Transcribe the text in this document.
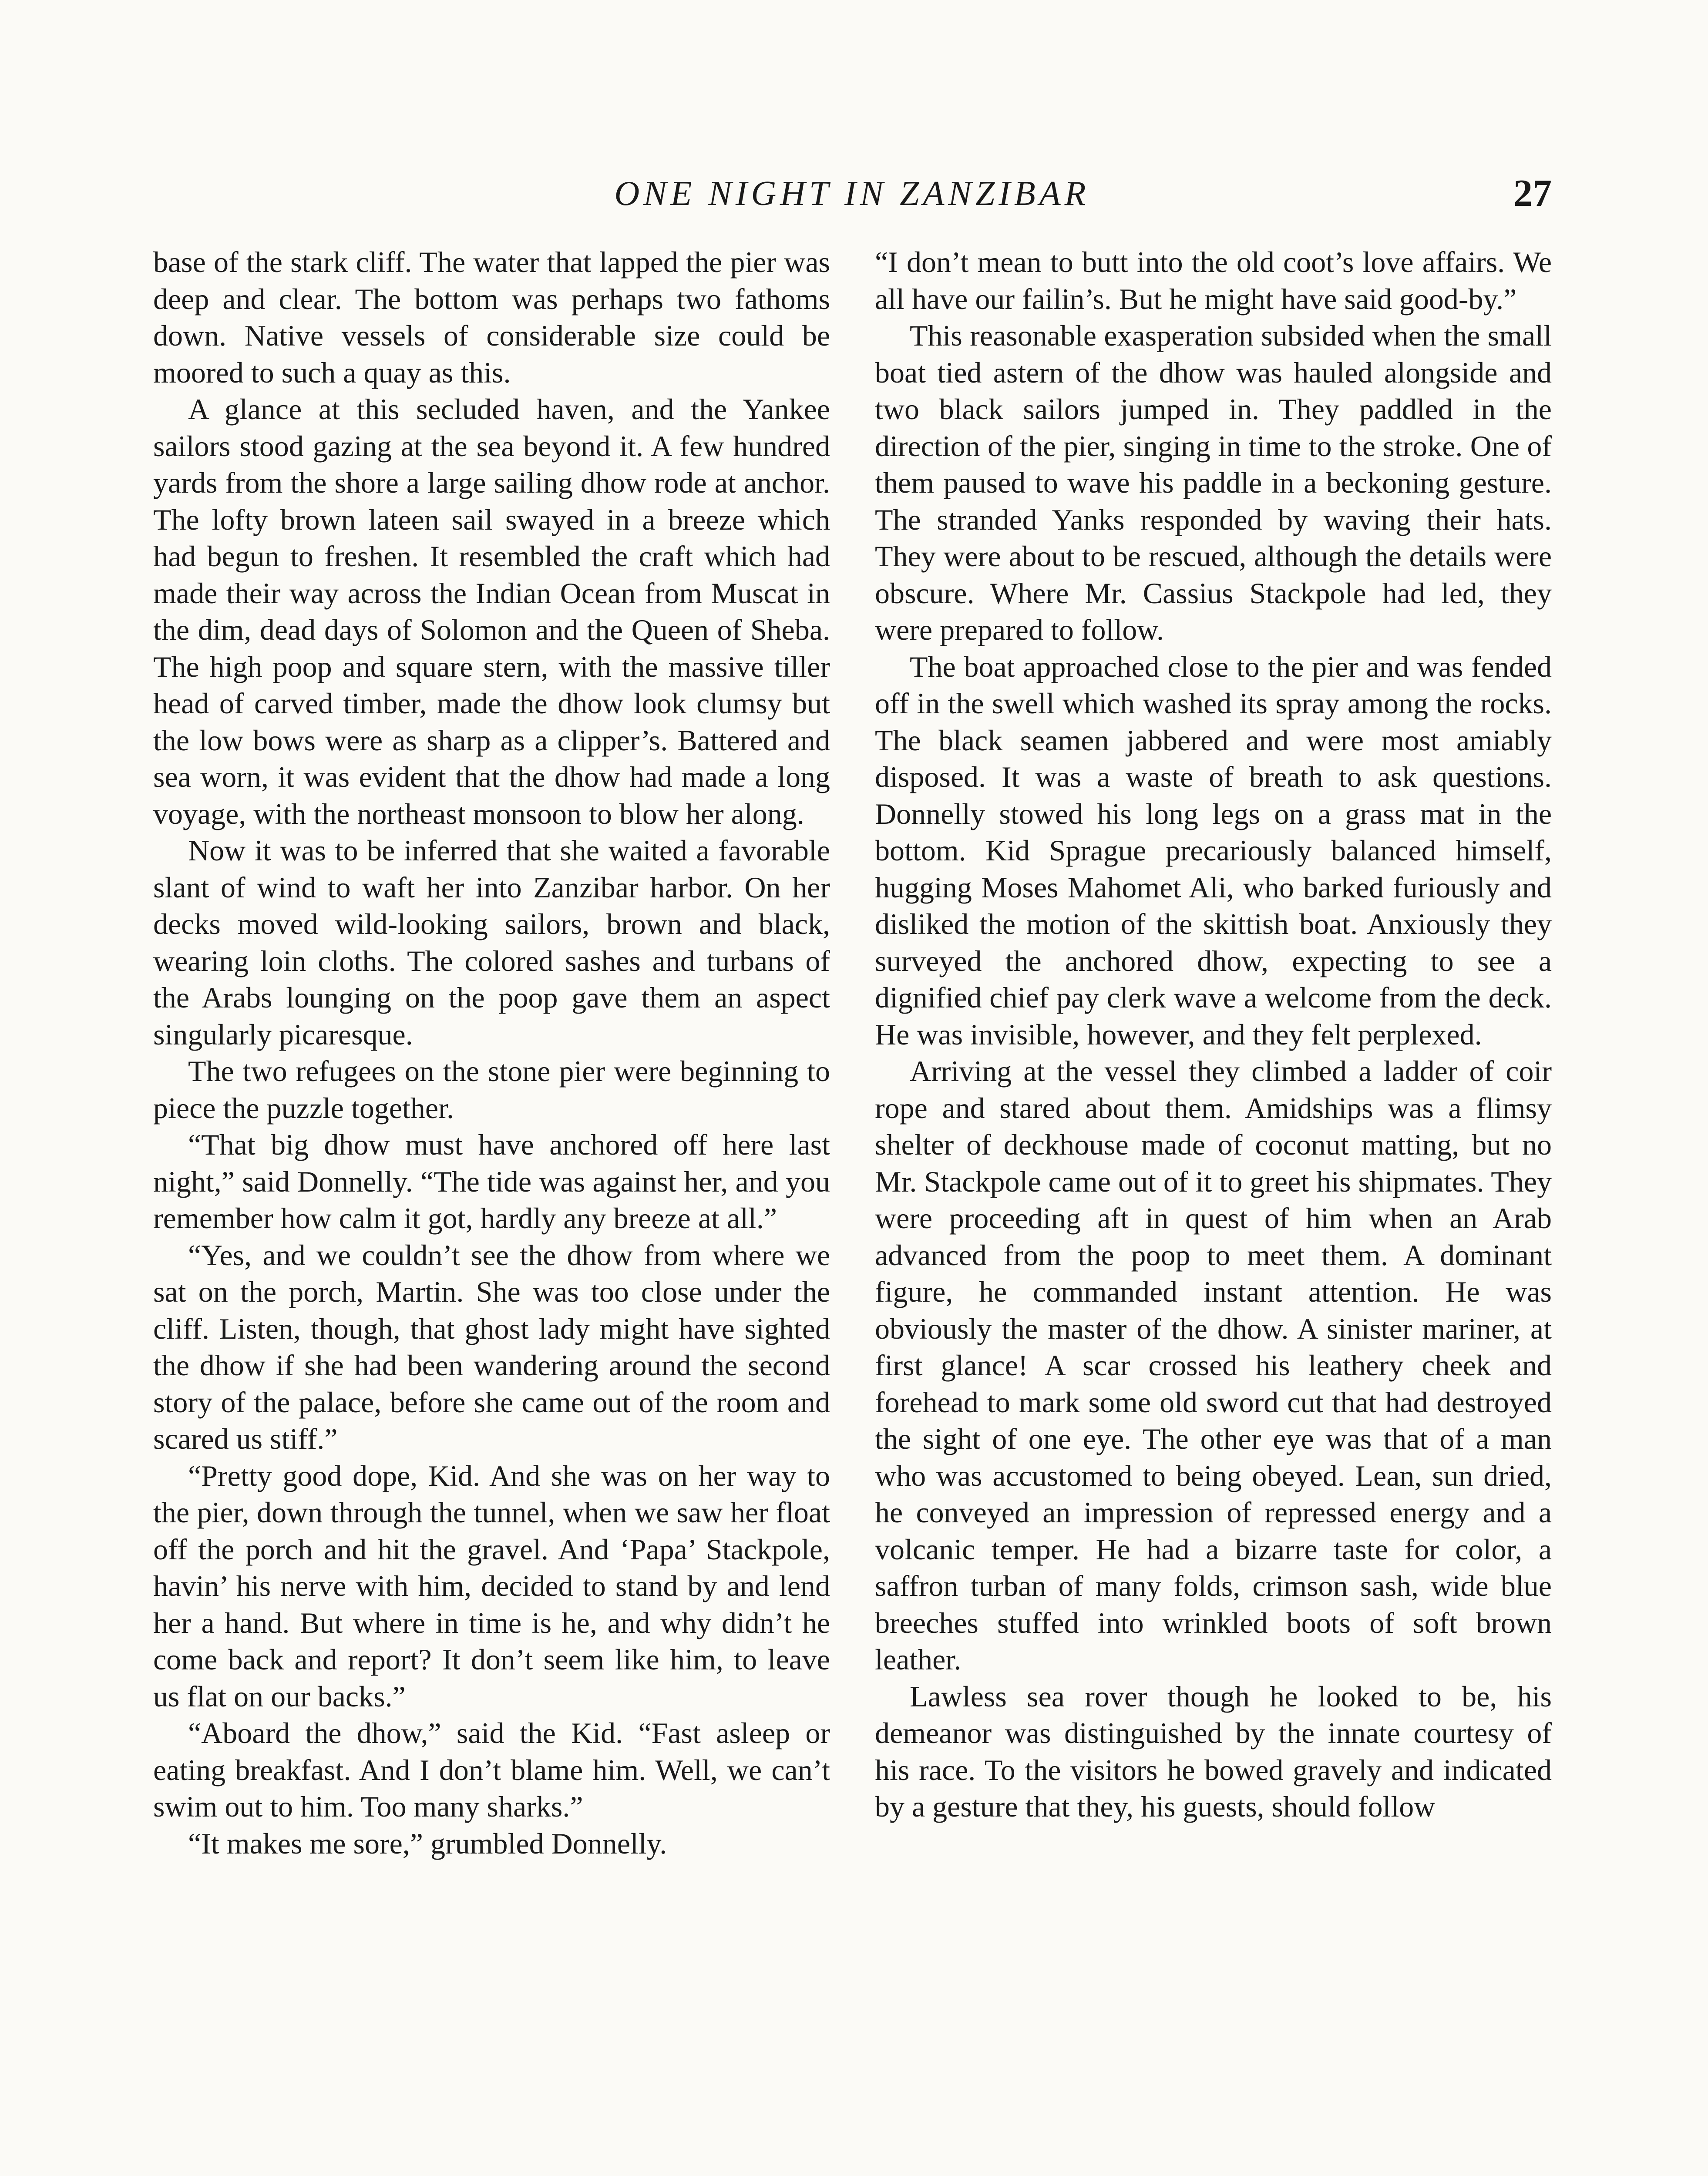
ONE NIGHT IN ZANZIBAR	27

base of the stark cliff. The water that lapped the pier was deep and clear. The bottom was perhaps two fathoms down. Native vessels of considerable size could be moored to such a quay as this.

A glance at this secluded haven, and the Yankee sailors stood gazing at the sea beyond it. A few hundred yards from the shore a large sailing dhow rode at anchor. The lofty brown lateen sail swayed in a breeze which had begun to freshen. It resembled the craft which had made their way across the Indian Ocean from Muscat in the dim, dead days of Solomon and the Queen of Sheba. The high poop and square stern, with the massive tiller head of carved timber, made the dhow look clumsy but the low bows were as sharp as a clipper’s. Battered and sea worn, it was evident that the dhow had made a long voyage, with the northeast monsoon to blow her along.

Now it was to be inferred that she waited a favorable slant of wind to waft her into Zanzibar harbor. On her decks moved wild-looking sailors, brown and black, wearing loin cloths. The colored sashes and turbans of the Arabs lounging on the poop gave them an aspect singularly picaresque.

The two refugees on the stone pier were beginning to piece the puzzle together.

“That big dhow must have anchored off here last night,” said Donnelly. “The tide was against her, and you remember how calm it got, hardly any breeze at all.”

“Yes, and we couldn’t see the dhow from where we sat on the porch, Martin. She was too close under the cliff. Listen, though, that ghost lady might have sighted the dhow if she had been wandering around the second story of the palace, before she came out of the room and scared us stiff.”

“Pretty good dope, Kid. And she was on her way to the pier, down through the tunnel, when we saw her float off the porch and hit the gravel. And ‘Papa’ Stackpole, havin’ his nerve with him, decided to stand by and lend her a hand. But where in time is he, and why didn’t he come back and report? It don’t seem like him, to leave us flat on our backs.”

“Aboard the dhow,” said the Kid. “Fast asleep or eating breakfast. And I don’t blame him. Well, we can’t swim out to him. Too many sharks.”

“It makes me sore,” grumbled Donnelly.

“I don’t mean to butt into the old coot’s love affairs. We all have our failin’s. But he might have said good-by.”

This reasonable exasperation subsided when the small boat tied astern of the dhow was hauled alongside and two black sailors jumped in. They paddled in the direction of the pier, singing in time to the stroke. One of them paused to wave his paddle in a beckoning gesture. The stranded Yanks responded by waving their hats. They were about to be rescued, although the details were obscure. Where Mr. Cassius Stackpole had led, they were prepared to follow.

The boat approached close to the pier and was fended off in the swell which washed its spray among the rocks. The black seamen jabbered and were most amiably disposed. It was a waste of breath to ask questions. Donnelly stowed his long legs on a grass mat in the bottom. Kid Sprague precariously balanced himself, hugging Moses Mahomet Ali, who barked furiously and disliked the motion of the skittish boat. Anxiously they surveyed the anchored dhow, expecting to see a dignified chief pay clerk wave a welcome from the deck. He was invisible, however, and they felt perplexed.

Arriving at the vessel they climbed a ladder of coir rope and stared about them. Amidships was a flimsy shelter of deckhouse made of coconut matting, but no Mr. Stackpole came out of it to greet his shipmates. They were proceeding aft in quest of him when an Arab advanced from the poop to meet them. A dominant figure, he commanded instant attention. He was obviously the master of the dhow. A sinister mariner, at first glance! A scar crossed his leathery cheek and forehead to mark some old sword cut that had destroyed the sight of one eye. The other eye was that of a man who was accustomed to being obeyed. Lean, sun dried, he conveyed an impression of repressed energy and a volcanic temper. He had a bizarre taste for color, a saffron turban of many folds, crimson sash, wide blue breeches stuffed into wrinkled boots of soft brown leather.

Lawless sea rover though he looked to be, his demeanor was distinguished by the innate courtesy of his race. To the visitors he bowed gravely and indicated by a gesture that they, his guests, should follow
